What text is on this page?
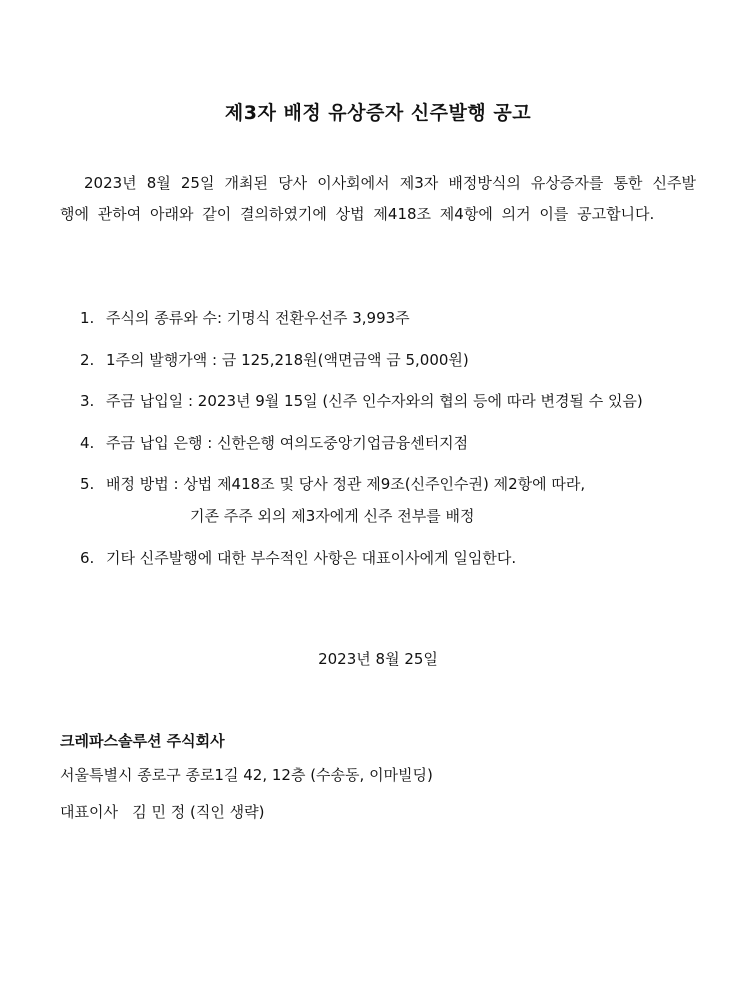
제3자 배정 유상증자 신주발행 공고

2023년 8월 25일 개최된 당사 이사회에서 제3자 배정방식의 유상증자를 통한 신주발행에 관하여 아래와 같이 결의하였기에 상법 제418조 제4항에 의거 이를 공고합니다.

1. 주식의 종류와 수: 기명식 전환우선주 3,993주
2. 1주의 발행가액 : 금 125,218원(액면금액 금 5,000원)
3. 주금 납입일 : 2023년 9월 15일 (신주 인수자와의 협의 등에 따라 변경될 수 있음)
4. 주금 납입 은행 : 신한은행 여의도중앙기업금융센터지점
5. 배정 방법 : 상법 제418조 및 당사 정관 제9조(신주인수권) 제2항에 따라,
기존 주주 외의 제3자에게 신주 전부를 배정
6. 기타 신주발행에 대한 부수적인 사항은 대표이사에게 일임한다.
2023년 8월 25일
크레파스솔루션 주식회사
서울특별시 종로구 종로1길 42, 12층 (수송동, 이마빌딩)
대표이사   김 민 정 (직인 생략)
